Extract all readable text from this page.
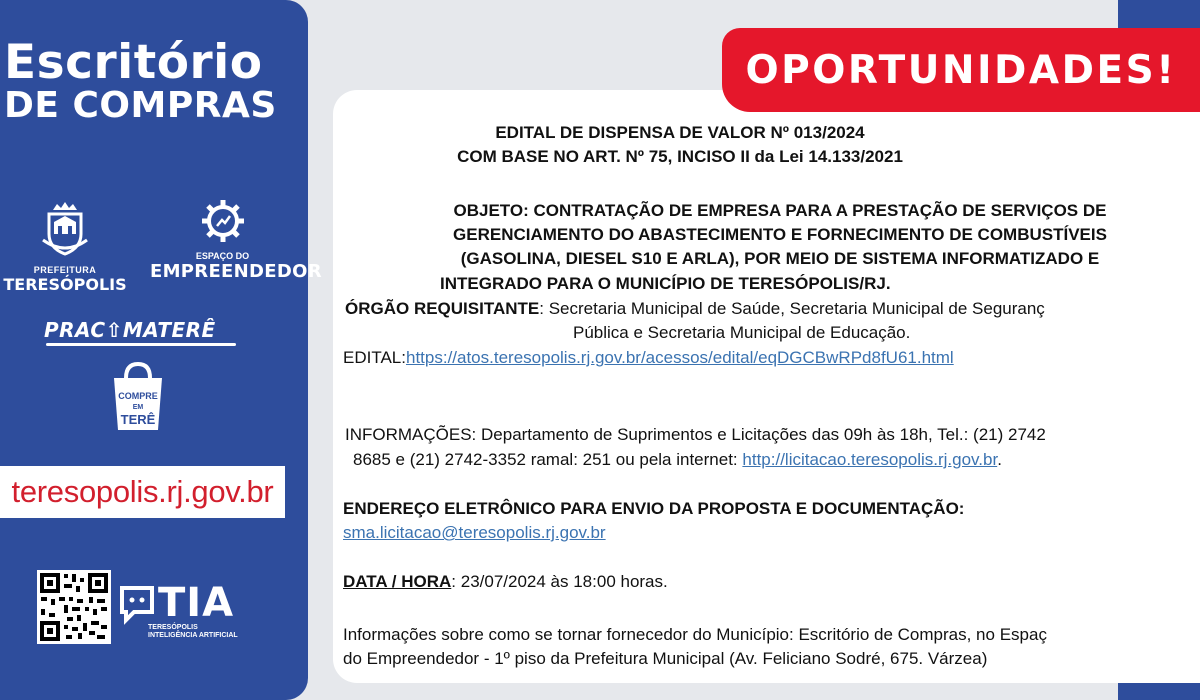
Escritório
DE COMPRAS
PREFEITURA
TERESÓPOLIS
ESPAÇO DO
EMPREENDEDOR
PRAC⇧MATERÊ
COMPRE
EM
TERÊ
teresopolis.rj.gov.br
TIA
TERESÓPOLIS
INTELIGÊNCIA ARTIFICIAL
OPORTUNIDADES!
EDITAL DE DISPENSA DE VALOR Nº 013/2024
COM BASE NO ART. Nº 75, INCISO II da Lei 14.133/2021
OBJETO: CONTRATAÇÃO DE EMPRESA PARA A PRESTAÇÃO DE SERVIÇOS DE
GERENCIAMENTO DO ABASTECIMENTO E FORNECIMENTO DE COMBUSTÍVEIS
(GASOLINA, DIESEL S10 E ARLA), POR MEIO DE SISTEMA INFORMATIZADO E
INTEGRADO PARA O MUNICÍPIO DE TERESÓPOLIS/RJ.
ÓRGÃO REQUISITANTE: Secretaria Municipal de Saúde, Secretaria Municipal de Seguranç
Pública e Secretaria Municipal de Educação.
EDITAL:https://atos.teresopolis.rj.gov.br/acessos/edital/eqDGCBwRPd8fU61.html
INFORMAÇÕES: Departamento de Suprimentos e Licitações das 09h às 18h, Tel.: (21) 2742
8685 e (21) 2742-3352 ramal: 251 ou pela internet: http://licitacao.teresopolis.rj.gov.br.
ENDEREÇO ELETRÔNICO PARA ENVIO DA PROPOSTA E DOCUMENTAÇÃO:
sma.licitacao@teresopolis.rj.gov.br
DATA / HORA: 23/07/2024 às 18:00 horas.
Informações sobre como se tornar fornecedor do Município: Escritório de Compras, no Espaç
do Empreendedor - 1º piso da Prefeitura Municipal (Av. Feliciano Sodré, 675. Várzea)
